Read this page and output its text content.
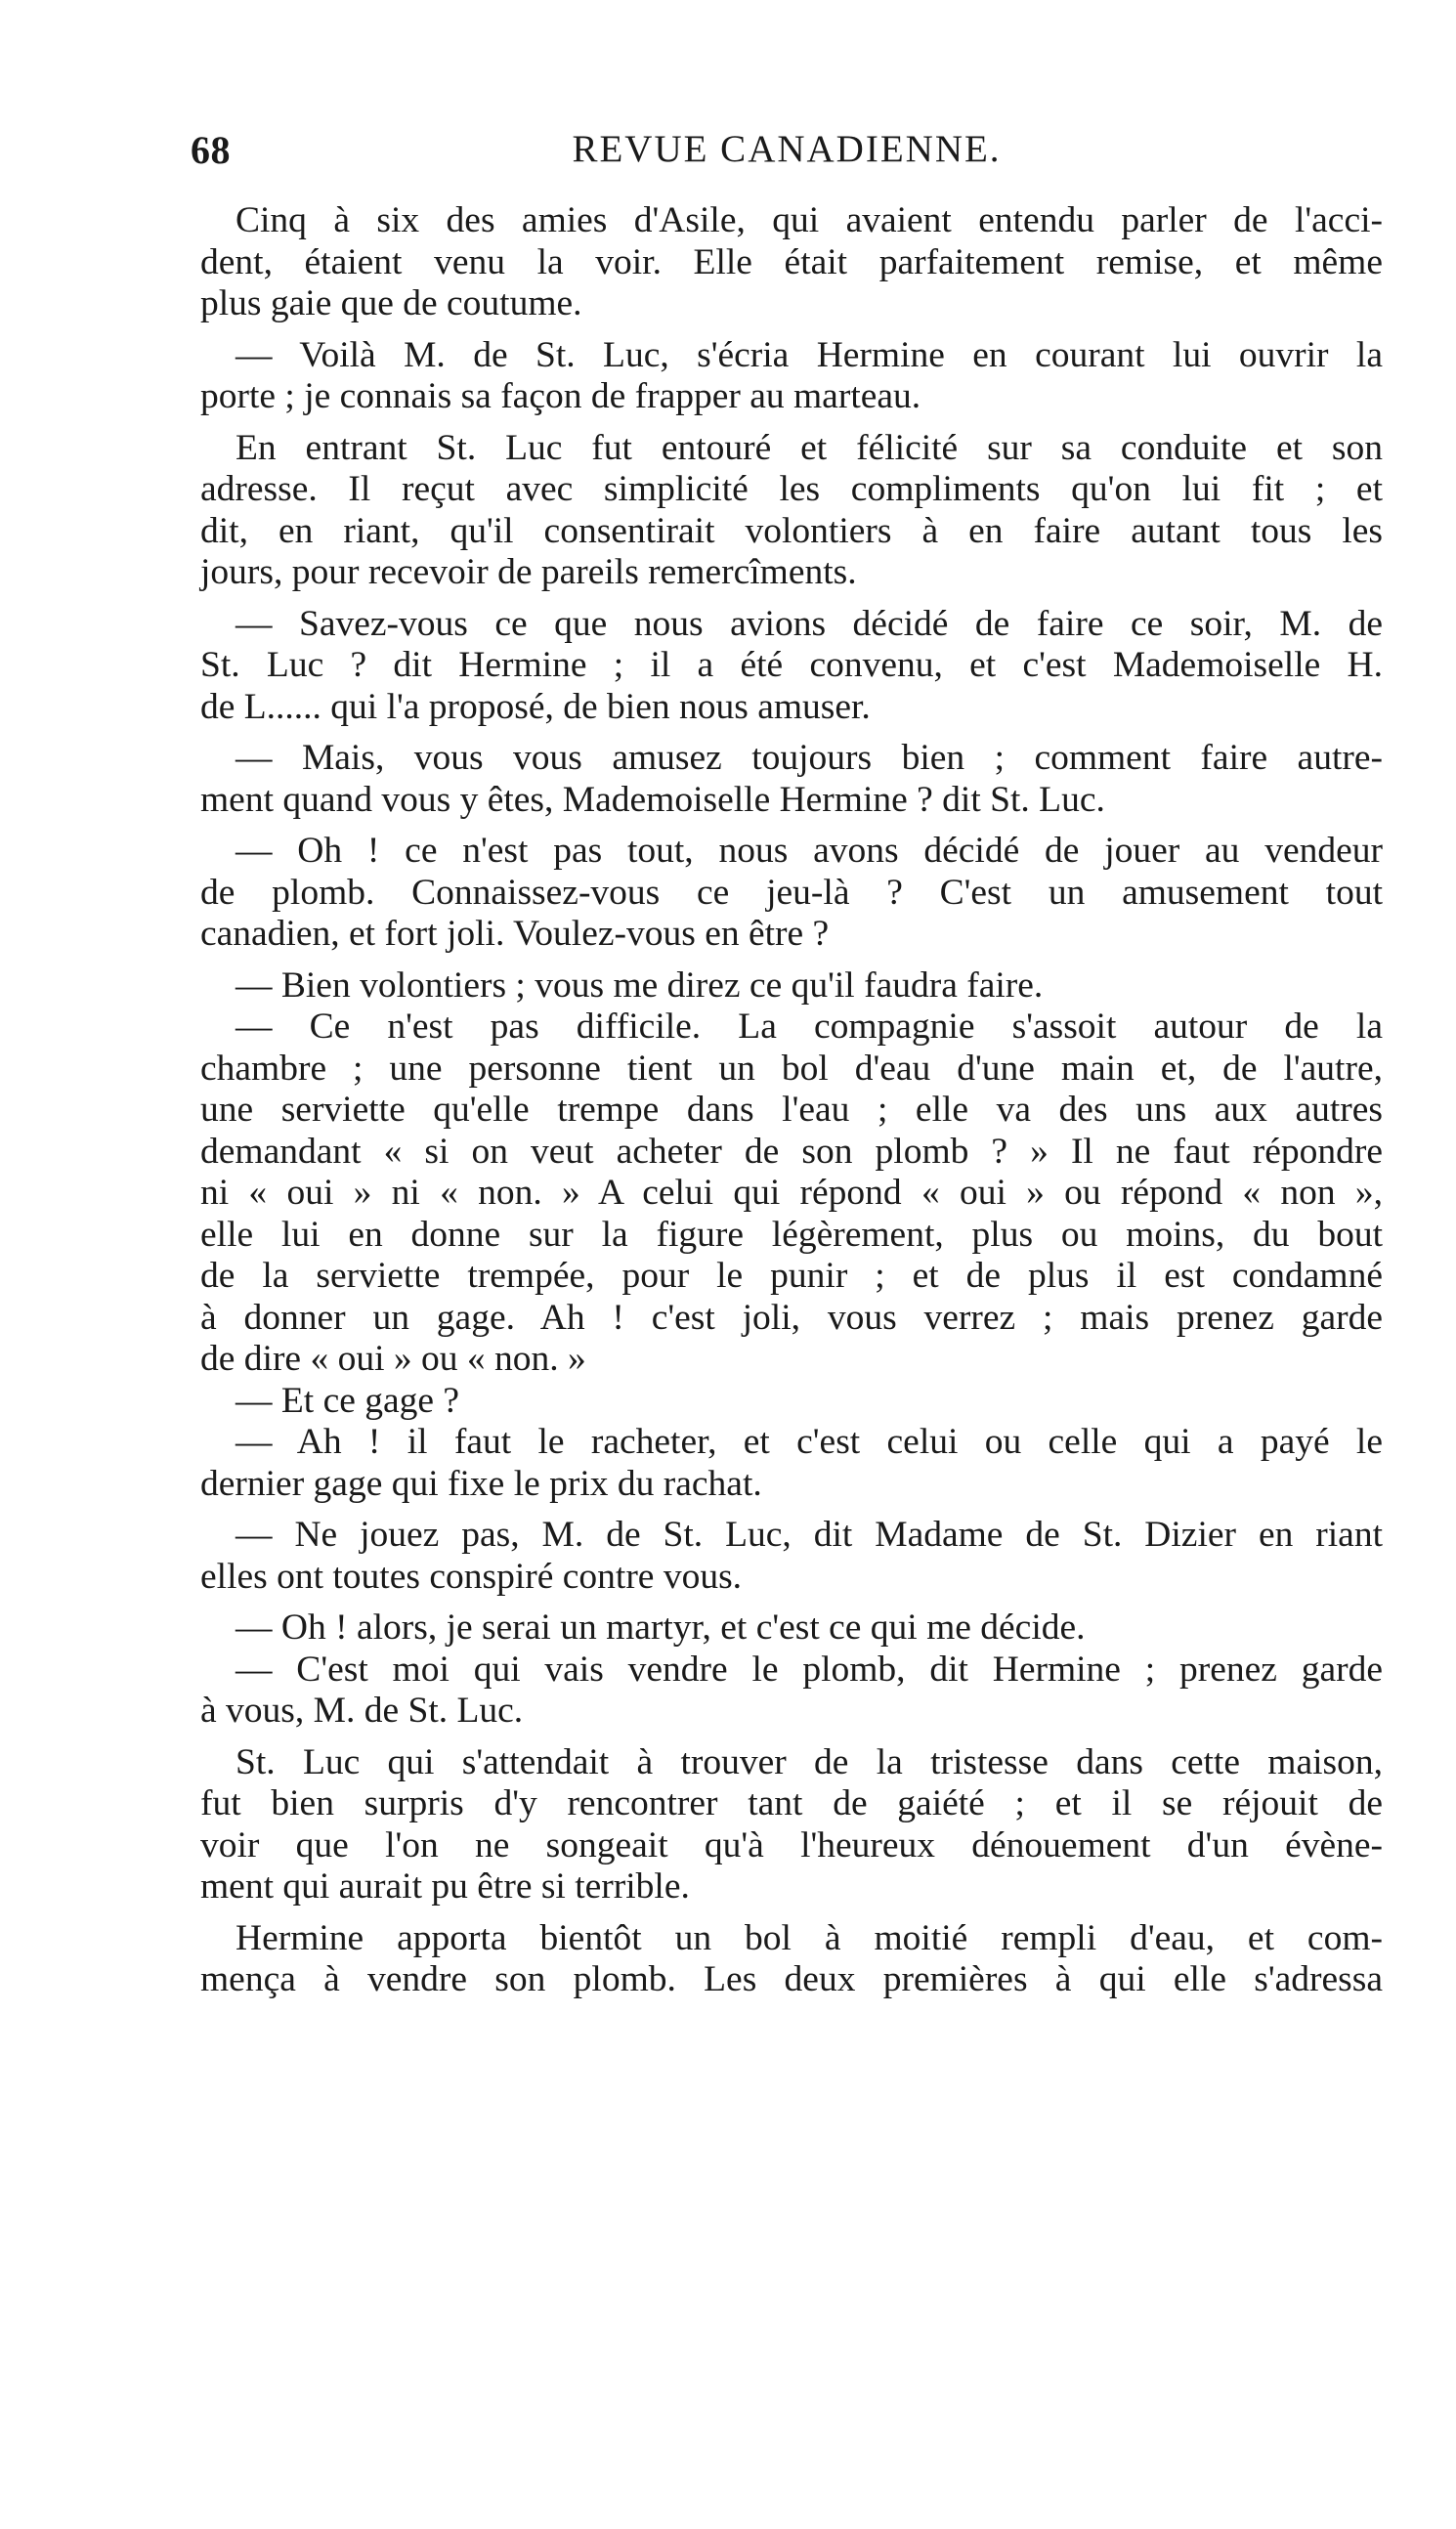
68	REVUE CANADIENNE.
Cinq à six des amies d'Asile, qui avaient entendu parler de l'acci-
dent, étaient venu la voir. Elle était parfaitement remise, et même
plus gaie que de coutume.
— Voilà M. de St. Luc, s'écria Hermine en courant lui ouvrir la
porte ; je connais sa façon de frapper au marteau.
En entrant St. Luc fut entouré et félicité sur sa conduite et son
adresse. Il reçut avec simplicité les compliments qu'on lui fit ; et
dit, en riant, qu'il consentirait volontiers à en faire autant tous les
jours, pour recevoir de pareils remercîments.
— Savez-vous ce que nous avions décidé de faire ce soir, M. de
St. Luc ? dit Hermine ; il a été convenu, et c'est Mademoiselle H.
de L...... qui l'a proposé, de bien nous amuser.
— Mais, vous vous amusez toujours bien ; comment faire autre-
ment quand vous y êtes, Mademoiselle Hermine ? dit St. Luc.
— Oh ! ce n'est pas tout, nous avons décidé de jouer au vendeur
de plomb. Connaissez-vous ce jeu-là ? C'est un amusement tout
canadien, et fort joli. Voulez-vous en être ?
— Bien volontiers ; vous me direz ce qu'il faudra faire.
— Ce n'est pas difficile. La compagnie s'assoit autour de la
chambre ; une personne tient un bol d'eau d'une main et, de l'autre,
une serviette qu'elle trempe dans l'eau ; elle va des uns aux autres
demandant « si on veut acheter de son plomb ? » Il ne faut répondre
ni « oui » ni « non. » A celui qui répond « oui » ou répond « non »,
elle lui en donne sur la figure légèrement, plus ou moins, du bout
de la serviette trempée, pour le punir ; et de plus il est condamné
à donner un gage. Ah ! c'est joli, vous verrez ; mais prenez garde
de dire « oui » ou « non. »
— Et ce gage ?
— Ah ! il faut le racheter, et c'est celui ou celle qui a payé le
dernier gage qui fixe le prix du rachat.
— Ne jouez pas, M. de St. Luc, dit Madame de St. Dizier en riant
elles ont toutes conspiré contre vous.
— Oh ! alors, je serai un martyr, et c'est ce qui me décide.
— C'est moi qui vais vendre le plomb, dit Hermine ; prenez garde
à vous, M. de St. Luc.
St. Luc qui s'attendait à trouver de la tristesse dans cette maison,
fut bien surpris d'y rencontrer tant de gaiété ; et il se réjouit de
voir que l'on ne songeait qu'à l'heureux dénouement d'un évène-
ment qui aurait pu être si terrible.
Hermine apporta bientôt un bol à moitié rempli d'eau, et com-
mença à vendre son plomb. Les deux premières à qui elle s'adressa
